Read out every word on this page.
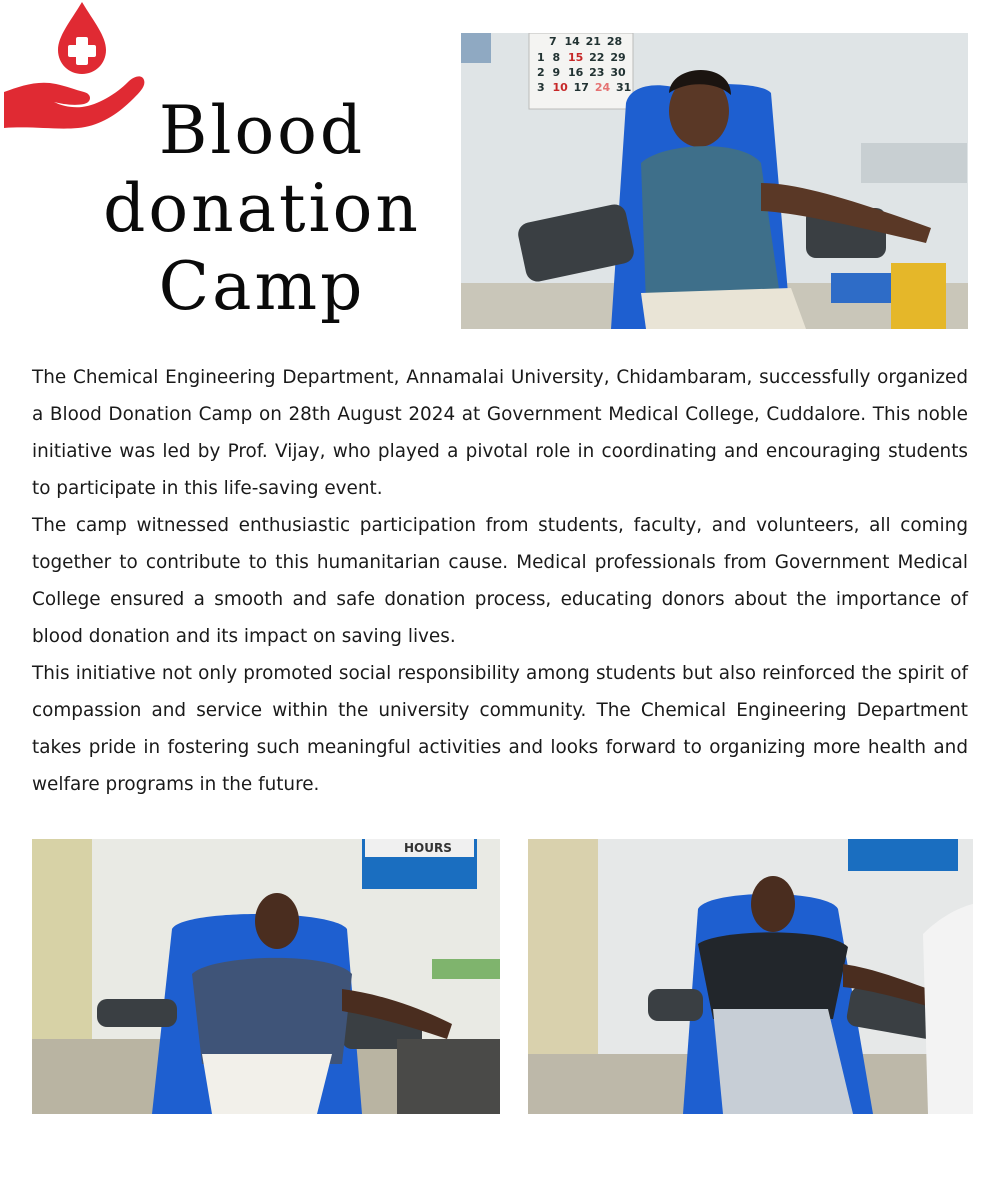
Blood
donation
Camp
7 14 21 28
1 8 15 22 29
2 9 16 23 30
3 10 17 24 31

The Chemical Engineering Department, Annamalai University, Chidambaram, successfully organized a Blood Donation Camp on 28th August 2024 at Government Medical College, Cuddalore. This noble initiative was led by Prof. Vijay, who played a pivotal role in coordinating and encouraging students to participate in this life-saving event.

The camp witnessed enthusiastic participation from students, faculty, and volunteers, all coming together to contribute to this humanitarian cause. Medical professionals from Government Medical College ensured a smooth and safe donation process, educating donors about the importance of blood donation and its impact on saving lives.

This initiative not only promoted social responsibility among students but also reinforced the spirit of compassion and service within the university community. The Chemical Engineering Department takes pride in fostering such meaningful activities and looks forward to organizing more health and welfare programs in the future.

HOURS
